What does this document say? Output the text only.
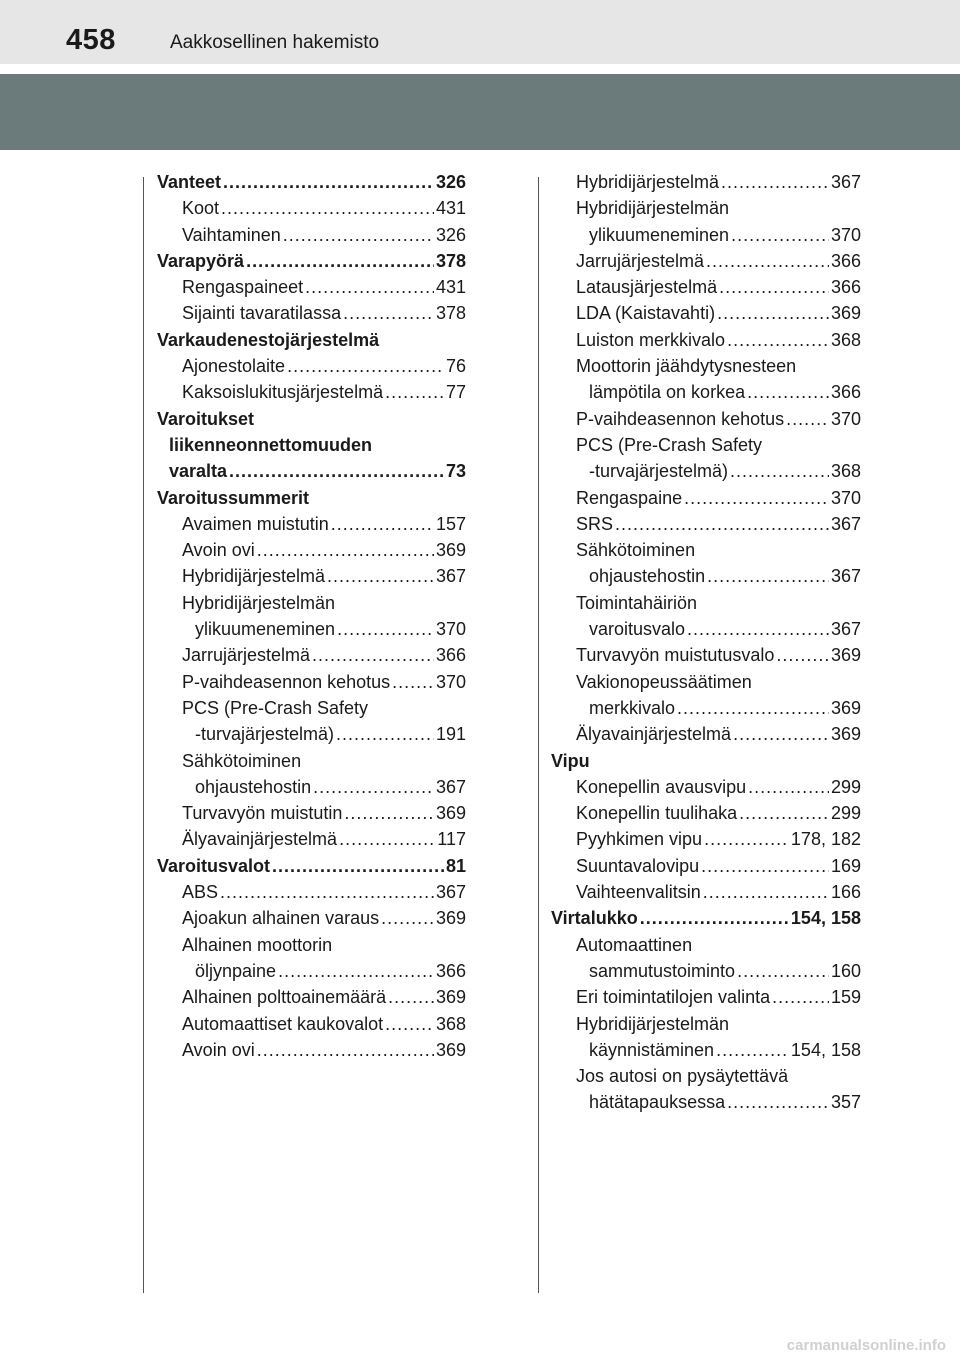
458	Aakkosellinen hakemisto
Vanteet .....	326
Koot .....	431
Vaihtaminen .....	326
Varapyörä .....	378
Rengaspaineet .....	431
Sijainti tavaratilassa .....	378
Varkaudenestojärjestelmä
Ajonestolaite .....	76
Kaksoislukitusjärjestelmä .....	77
Varoitukset
liikenneonnettomuuden
varalta .....	73
Varoitussummerit
Avaimen muistutin .....	157
Avoin ovi .....	369
Hybridijärjestelmä .....	367
Hybridijärjestelmän
ylikuumeneminen .....	370
Jarrujärjestelmä .....	366
P-vaihdeasennon kehotus .....	370
PCS (Pre-Crash Safety
-turvajärjestelmä) .....	191
Sähkötoiminen
ohjaustehostin .....	367
Turvavyön muistutin .....	369
Älyavainjärjestelmä .....	117
Varoitusvalot .....	81
ABS .....	367
Ajoakun alhainen varaus .....	369
Alhainen moottorin
öljynpaine .....	366
Alhainen polttoainemäärä .....	369
Automaattiset kaukovalot .....	368
Avoin ovi .....	369
Hybridijärjestelmä .....	367
Hybridijärjestelmän
ylikuumeneminen .....	370
Jarrujärjestelmä .....	366
Latausjärjestelmä .....	366
LDA (Kaistavahti) .....	369
Luiston merkkivalo .....	368
Moottorin jäähdytysnesteen
lämpötila on korkea .....	366
P-vaihdeasennon kehotus .....	370
PCS (Pre-Crash Safety
-turvajärjestelmä) .....	368
Rengaspaine .....	370
SRS .....	367
Sähkötoiminen
ohjaustehostin .....	367
Toimintahäiriön
varoitusvalo .....	367
Turvavyön muistutusvalo .....	369
Vakionopeussäätimen
merkkivalo .....	369
Älyavainjärjestelmä .....	369
Vipu
Konepellin avausvipu .....	299
Konepellin tuulihaka .....	299
Pyyhkimen vipu .....	178, 182
Suuntavalovipu .....	169
Vaihteenvalitsin .....	166
Virtalukko .....	154, 158
Automaattinen
sammutustoiminto .....	160
Eri toimintatilojen valinta .....	159
Hybridijärjestelmän
käynnistäminen .....	154, 158
Jos autosi on pysäytettävä
hätätapauksessa .....	357
carmanualsonline.info
